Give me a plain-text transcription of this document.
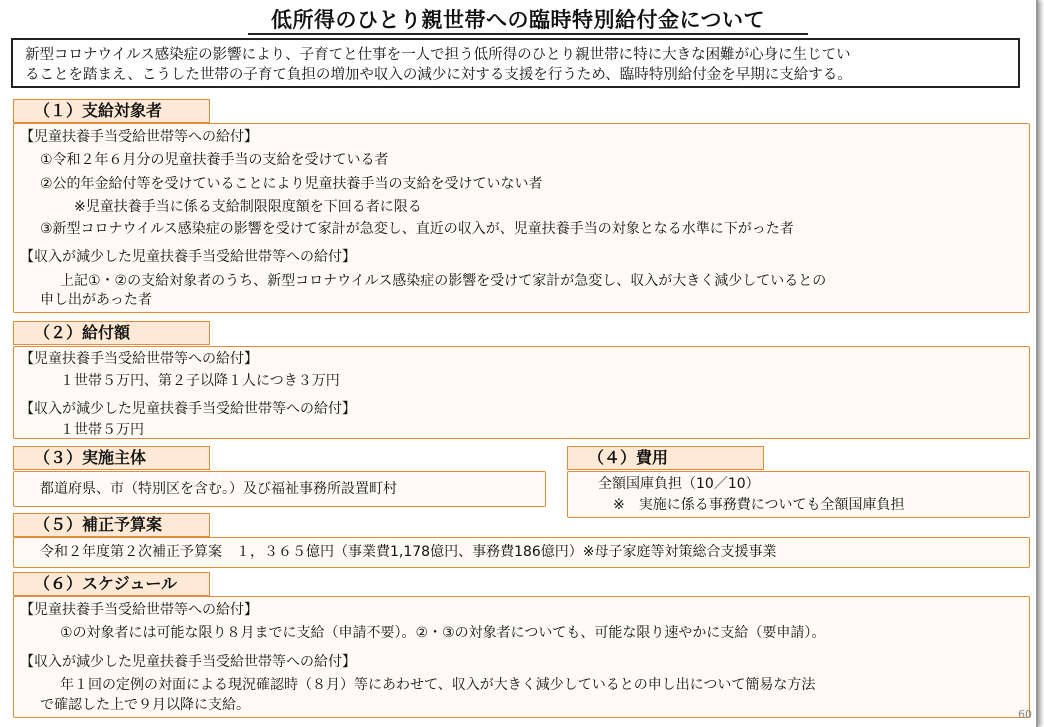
低所得のひとり親世帯への臨時特別給付金について

新型コロナウイルス感染症の影響により、子育てと仕事を一人で担う低所得のひとり親世帯に特に大きな困難が心身に生じてい

ることを踏まえ、こうした世帯の子育て負担の増加や収入の減少に対する支援を行うため、臨時特別給付金を早期に支給する。

【児童扶養手当受給世帯等への給付】
①令和２年６月分の児童扶養手当の支給を受けている者
②公的年金給付等を受けていることにより児童扶養手当の支給を受けていない者
※児童扶養手当に係る支給制限限度額を下回る者に限る
③新型コロナウイルス感染症の影響を受けて家計が急変し、直近の収入が、児童扶養手当の対象となる水準に下がった者
【収入が減少した児童扶養手当受給世帯等への給付】
上記①・②の支給対象者のうち、新型コロナウイルス感染症の影響を受けて家計が急変し、収入が大きく減少しているとの
申し出があった者
（１）支給対象者
【児童扶養手当受給世帯等への給付】
１世帯５万円、第２子以降１人につき３万円
【収入が減少した児童扶養手当受給世帯等への給付】
１世帯５万円
（２）給付額
都道府県、市（特別区を含む。）及び福祉事務所設置町村
（３）実施主体
全額国庫負担（10／10）
※　実施に係る事務費についても全額国庫負担
（４）費用
令和２年度第２次補正予算案　１，３６５億円（事業費1,178億円、事務費186億円）※母子家庭等対策総合支援事業
（５）補正予算案
【児童扶養手当受給世帯等への給付】
①の対象者には可能な限り８月までに支給（申請不要）。②・③の対象者についても、可能な限り速やかに支給（要申請）。
【収入が減少した児童扶養手当受給世帯等への給付】
年１回の定例の対面による現況確認時（８月）等にあわせて、収入が大きく減少しているとの申し出について簡易な方法
で確認した上で９月以降に支給。
（６）スケジュール
60
